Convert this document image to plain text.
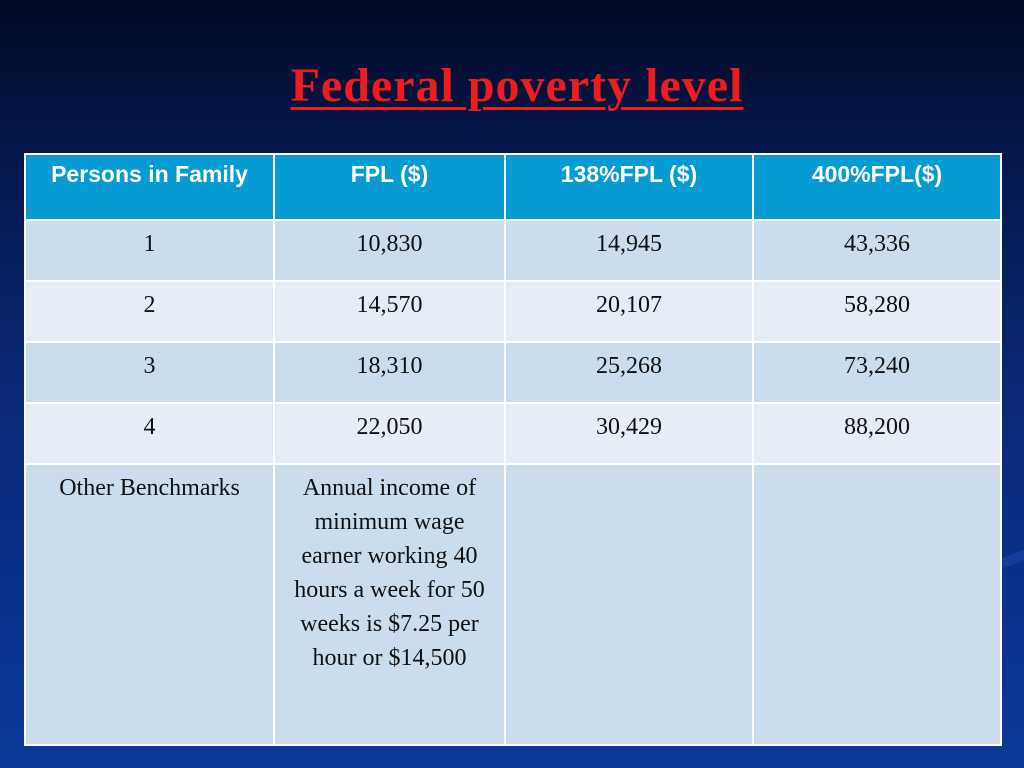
Federal poverty level
Persons in Family	FPL ($)	138%FPL ($)	400%FPL($)
1	10,830	14,945	43,336
2	14,570	20,107	58,280
3	18,310	25,268	73,240
4	22,050	30,429	88,200
Other Benchmarks	Annual income of minimum wage earner working 40 hours a week for 50 weeks is $7.25 per hour or $14,500		
